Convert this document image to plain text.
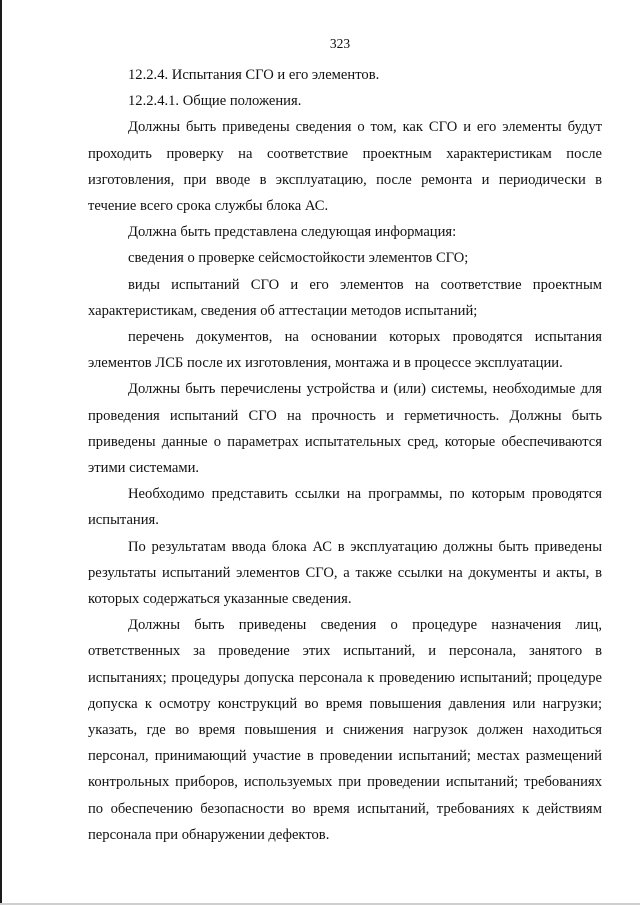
323

12.2.4. Испытания СГО и его элементов.

12.2.4.1. Общие положения.

Должны быть приведены сведения о том, как СГО и его элементы будут проходить проверку на соответствие проектным характеристикам после изготовления, при вводе в эксплуатацию, после ремонта и периодически в течение всего срока службы блока АС.

Должна быть представлена следующая информация:

сведения о проверке сейсмостойкости элементов СГО;

виды испытаний СГО и его элементов на соответствие проектным характеристикам, сведения об аттестации методов испытаний;

перечень документов, на основании которых проводятся испытания элементов ЛСБ после их изготовления, монтажа и в процессе эксплуатации.

Должны быть перечислены устройства и (или) системы, необходимые для проведения испытаний СГО на прочность и герметичность. Должны быть приведены данные о параметрах испытательных сред, которые обеспечиваются этими системами.

Необходимо представить ссылки на программы, по которым проводятся испытания.

По результатам ввода блока АС в эксплуатацию должны быть приведены результаты испытаний элементов СГО, а также ссылки на документы и акты, в которых содержаться указанные сведения.

Должны быть приведены сведения о процедуре назначения лиц, ответственных за проведение этих испытаний, и персонала, занятого в испытаниях; процедуры допуска персонала к проведению испытаний; процедуре допуска к осмотру конструкций во время повышения давления или нагрузки; указать, где во время повышения и снижения нагрузок должен находиться персонал, принимающий участие в проведении испытаний; местах размещений контрольных приборов, используемых при проведении испытаний; требованиях по обеспечению безопасности во время испытаний, требованиях к действиям персонала при обнаружении дефектов.
